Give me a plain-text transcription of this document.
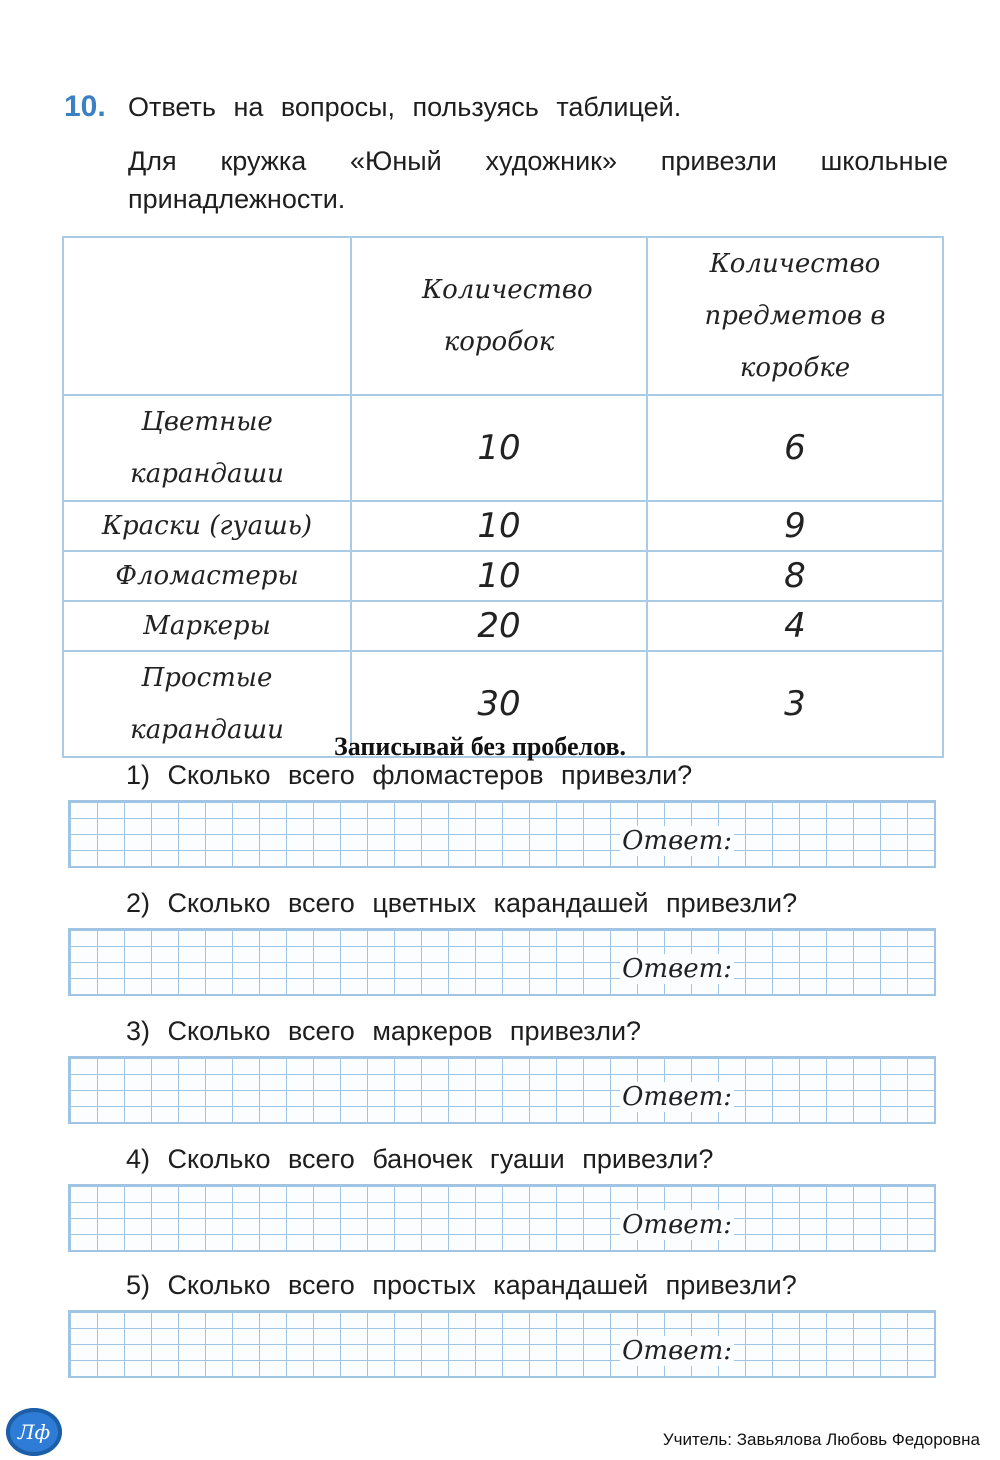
10. Ответь на вопросы, пользуясь таблицей.
Для кружка «Юный художник» привезли школьные принадлежности.

	Количество коробок	Количество предметов в коробке

Цветные карандаши	10	6

Краски (гуашь)	10	9

Фломастеры	10	8

Маркеры	20	4

Простые карандаши	30	3
Записывай без пробелов.
1) Сколько всего фломастеров привезли?
Ответ:
2) Сколько всего цветных карандашей привезли?
Ответ:
3) Сколько всего маркеров привезли?
Ответ:
4) Сколько всего баночек гуаши привезли?
Ответ:
5) Сколько всего простых карандашей привезли?
Ответ:
Лф	Учитель: Завьялова Любовь Федоровна
